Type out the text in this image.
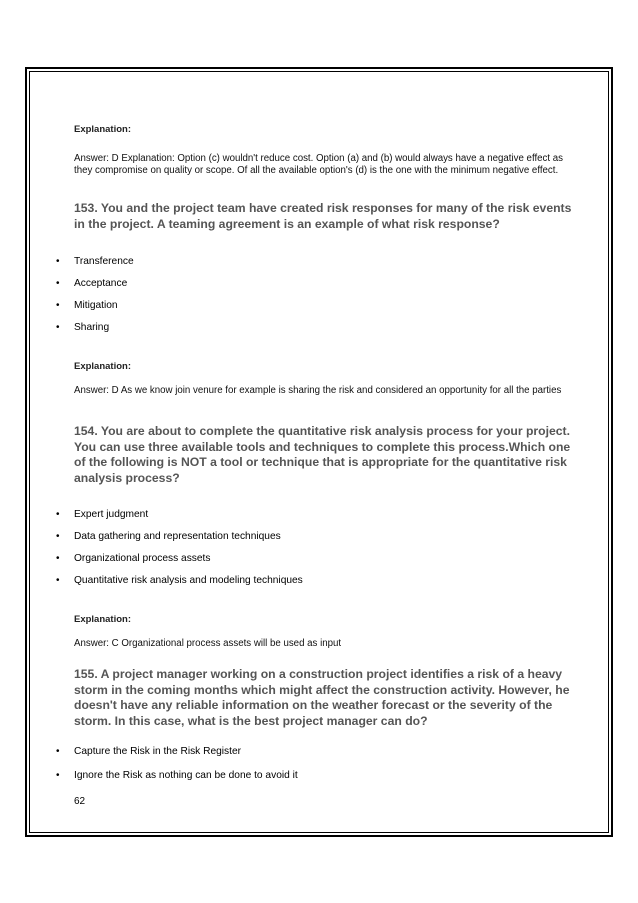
Explanation:
Answer: D Explanation: Option (c) wouldn't reduce cost. Option (a) and (b) would always have a negative effect as they compromise on quality or scope. Of all the available option's (d) is the one with the minimum negative effect.
153. You and the project team have created risk responses for many of the risk events in the project. A teaming agreement is an example of what risk response?
•	Transference
•	Acceptance
•	Mitigation
•	Sharing
Explanation:
Answer: D As we know join venure for example is sharing the risk and considered an opportunity for all the parties
154. You are about to complete the quantitative risk analysis process for your project. You can use three available tools and techniques to complete this process.Which one of the following is NOT a tool or technique that is appropriate for the quantitative risk analysis process?
•	Expert judgment
•	Data gathering and representation techniques
•	Organizational process assets
•	Quantitative risk analysis and modeling techniques
Explanation:
Answer: C Organizational process assets will be used as input
155. A project manager working on a construction project identifies a risk of a heavy storm in the coming months which might affect the construction activity. However, he doesn't have any reliable information on the weather forecast or the severity of the storm. In this case, what is the best project manager can do?
•	Capture the Risk in the Risk Register
•	Ignore the Risk as nothing can be done to avoid it
62
